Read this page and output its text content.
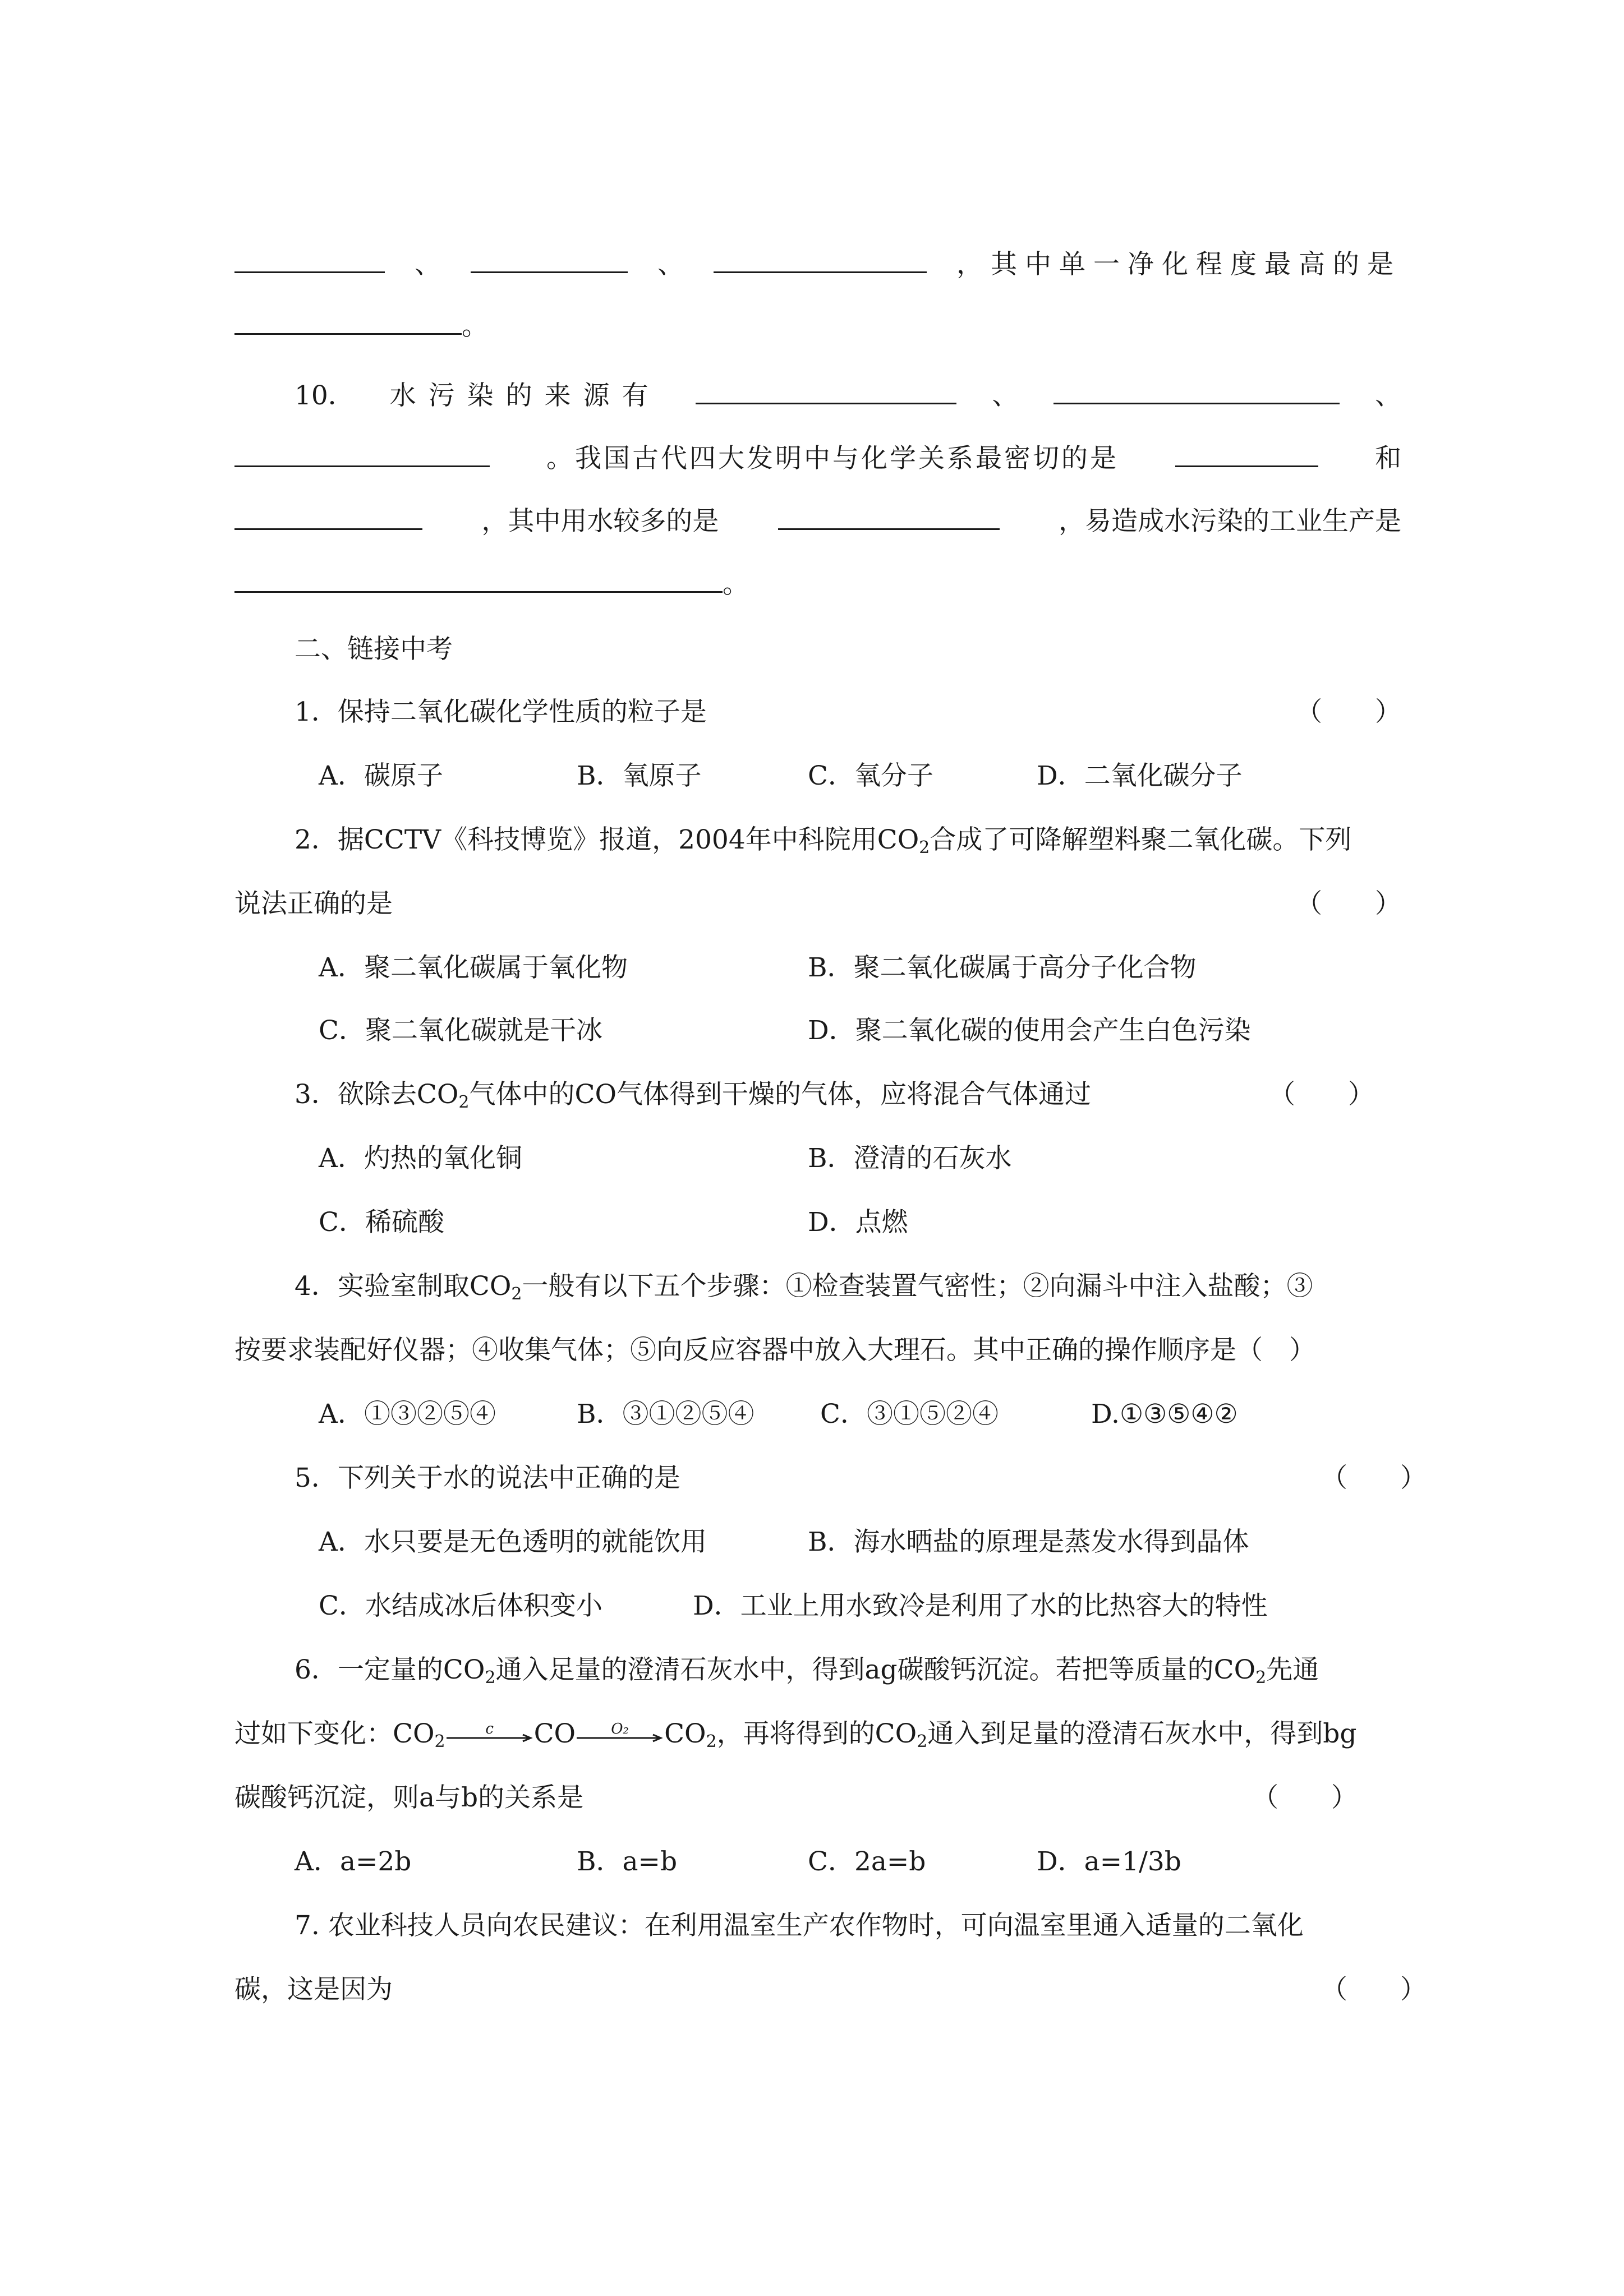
、	、	，其中单一净化程度最高的是
。
10． 水污染的来源有	、	、
。我国古代四大发明中与化学关系最密切的是	和
，其中用水较多的是	，易造成水污染的工业生产是
。
二、链接中考
1．保持二氧化碳化学性质的粒子是	（　　）
A．碳原子	B．氧原子	C．氧分子	D．二氧化碳分子
2．据CCTV《科技博览》报道，2004年中科院用$CO_2$合成了可降解塑料聚二氧化碳。下列
说法正确的是	（　　）
A．聚二氧化碳属于氧化物	B．聚二氧化碳属于高分子化合物
C．聚二氧化碳就是干冰	D．聚二氧化碳的使用会产生白色污染
3．欲除去$CO_2$气体中的CO气体得到干燥的气体，应将混合气体通过	（　　）
A．灼热的氧化铜	B．澄清的石灰水
C．稀硫酸	D．点燃
4．实验室制取$CO_2$一般有以下五个步骤：①检查装置气密性；②向漏斗中注入盐酸；③
按要求装配好仪器；④收集气体；⑤向反应容器中放入大理石。其中正确的操作顺序是（　）
A．①③②⑤④	B．③①②⑤④ C．③①⑤②④	D.①③⑤④②
5．下列关于水的说法中正确的是	（　　）
A．水只要是无色透明的就能饮用	B．海水晒盐的原理是蒸发水得到晶体
C．水结成冰后体积变小	D．工业上用水致冷是利用了水的比热容大的特性
6．一定量的$CO_2$通入足量的澄清石灰水中，得到ag碳酸钙沉淀。若把等质量的$CO_2$先通
过如下变化：$CO_2$
c	CO	O₂	$CO_2$，再将得到的$CO_2$通入到足量的澄清石灰水中，得到bg
碳酸钙沉淀，则a与b的关系是	（　　）
A．a=2b	B．a=b	C．2a=b	D．a=1/3b
7. 农业科技人员向农民建议：在利用温室生产农作物时，可向温室里通入适量的二氧化
碳，这是因为	（　　）
